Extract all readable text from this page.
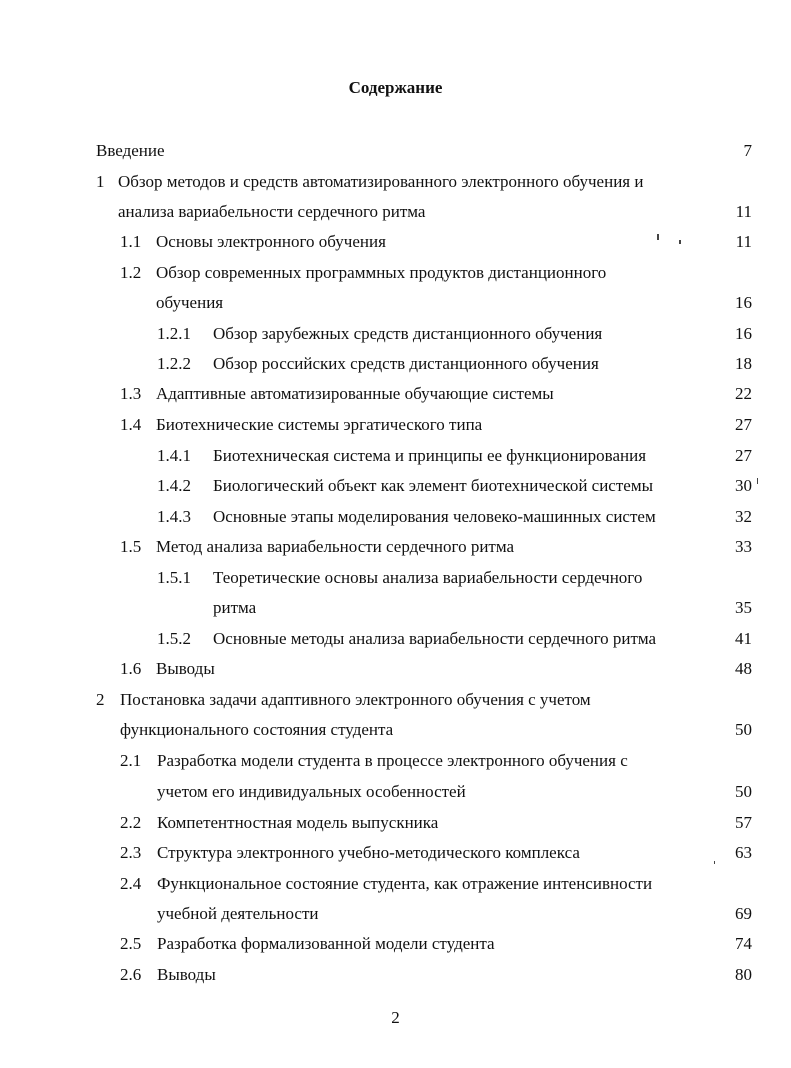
Содержание
Введение	7
1 Обзор методов и средств автоматизированного электронного обучения и
анализа вариабельности сердечного ритма	11
1.1 Основы электронного обучения	11
1.2 Обзор современных программных продуктов дистанционного
обучения	16
1.2.1 Обзор зарубежных средств дистанционного обучения	16
1.2.2 Обзор российских средств дистанционного обучения	18
1.3 Адаптивные автоматизированные обучающие системы	22
1.4 Биотехнические системы эргатического типа	27
1.4.1 Биотехническая система и принципы ее функционирования	27
1.4.2 Биологический объект как элемент биотехнической системы	30
1.4.3 Основные этапы моделирования человеко-машинных систем	32
1.5 Метод анализа вариабельности сердечного ритма	33
1.5.1 Теоретические основы анализа вариабельности сердечного
ритма	35
1.5.2 Основные методы анализа вариабельности сердечного ритма	41
1.6 Выводы	48
2 Постановка задачи адаптивного электронного обучения с учетом
функционального состояния студента	50
2.1 Разработка модели студента в процессе электронного обучения с
учетом его индивидуальных особенностей	50
2.2 Компетентностная модель выпускника	57
2.3 Структура электронного учебно-методического комплекса	63
2.4 Функциональное состояние студента, как отражение интенсивности
учебной деятельности	69
2.5 Разработка формализованной модели студента	74
2.6 Выводы	80
2
